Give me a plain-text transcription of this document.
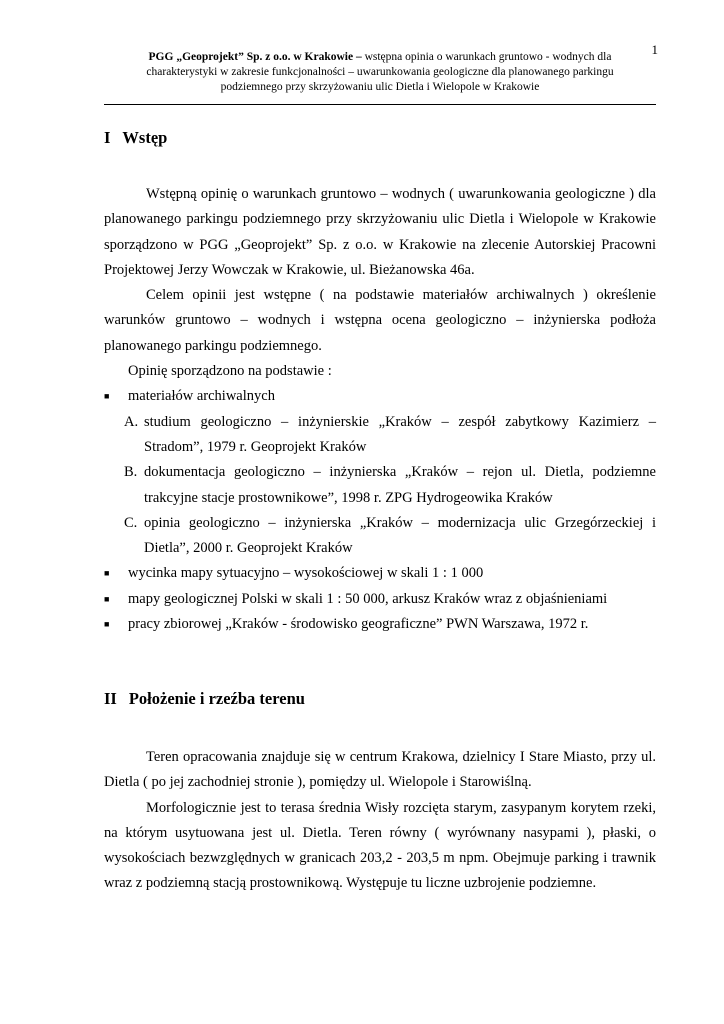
1
PGG „Geoprojekt” Sp. z o.o. w Krakowie – wstępna opinia o warunkach gruntowo - wodnych dla
charakterystyki w zakresie funkcjonalności – uwarunkowania geologiczne dla planowanego parkingu
podziemnego przy skrzyżowaniu ulic Dietla i Wielopole w Krakowie
I Wstęp

Wstępną opinię o warunkach gruntowo – wodnych ( uwarunkowania geologiczne ) dla planowanego parkingu podziemnego przy skrzyżowaniu ulic Dietla i Wielopole w Krakowie sporządzono w PGG „Geoprojekt” Sp. z o.o. w Krakowie na zlecenie Autorskiej Pracowni Projektowej Jerzy Wowczak w Krakowie, ul. Bieżanowska 46a.

Celem opinii jest wstępne ( na podstawie materiałów archiwalnych ) określenie warunków gruntowo – wodnych i wstępna ocena geologiczno – inżynierska podłoża planowanego parkingu podziemnego.

Opinię sporządzono na podstawie :

■	materiałów archiwalnych
A. studium geologiczno – inżynierskie „Kraków – zespół zabytkowy Kazimierz – Stradom”, 1979 r. Geoprojekt Kraków
B. dokumentacja geologiczno – inżynierska „Kraków – rejon ul. Dietla, podziemne trakcyjne stacje prostownikowe”, 1998 r. ZPG Hydrogeowika Kraków
C. opinia geologiczno – inżynierska „Kraków – modernizacja ulic Grzegórzeckiej i Dietla”, 2000 r. Geoprojekt Kraków
■	wycinka mapy sytuacyjno – wysokościowej w skali 1 : 1 000
■	mapy geologicznej Polski w skali 1 : 50 000, arkusz Kraków wraz z objaśnieniami
■	pracy zbiorowej „Kraków - środowisko geograficzne” PWN Warszawa, 1972 r.
II Położenie i rzeźba terenu

Teren opracowania znajduje się w centrum Krakowa, dzielnicy I Stare Miasto, przy ul. Dietla ( po jej zachodniej stronie ), pomiędzy ul. Wielopole i Starowiślną.

Morfologicznie jest to terasa średnia Wisły rozcięta starym, zasypanym korytem rzeki, na którym usytuowana jest ul. Dietla. Teren równy ( wyrównany nasypami ), płaski, o wysokościach bezwzględnych w granicach 203,2 - 203,5 m npm. Obejmuje parking i trawnik wraz z podziemną stacją prostownikową. Występuje tu liczne uzbrojenie podziemne.
